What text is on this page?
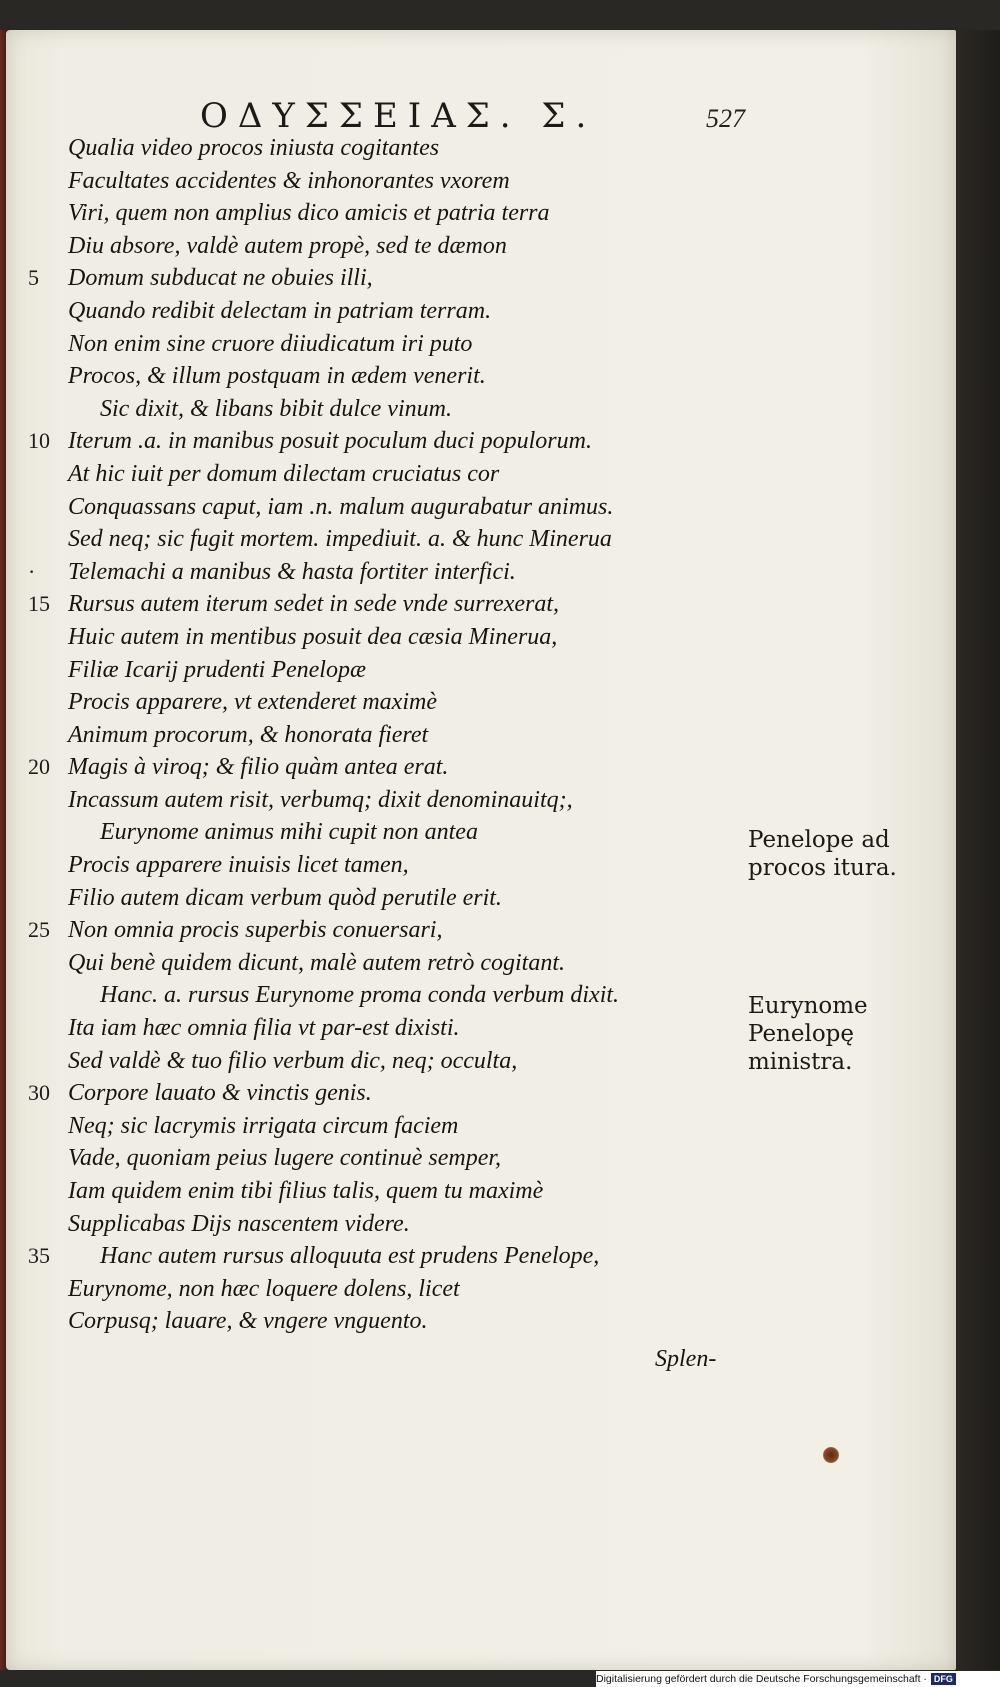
ΟΔΥΣΣΕΙΑΣ. Σ.	527
Qualia video procos iniusta cogitantes
Facultates accidentes & inhonorantes vxorem
Viri, quem non amplius dico amicis et patria terra
Diu absore, valdè autem propè, sed te dæmon
5	Domum subducat ne obuies illi,
Quando redibit delectam in patriam terram.
Non enim sine cruore diiudicatum iri puto
Procos, & illum postquam in ædem venerit.
Sic dixit, & libans bibit dulce vinum.
10 Iterum .a. in manibus posuit poculum duci populorum.
At hic iuit per domum dilectam cruciatus cor
Conquassans caput, iam .n. malum augurabatur animus.
Sed neq; sic fugit mortem. impediuit. a. & hunc Minerua
·	Telemachi a manibus & hasta fortiter interfici.
15 Rursus autem iterum sedet in sede vnde surrexerat,
Huic autem in mentibus posuit dea cæsia Minerua,
Filiæ Icarij prudenti Penelopæ
Procis apparere, vt extenderet maximè
Animum procorum, & honorata fieret
20 Magis à viroq; & filio quàm antea erat.
Incassum autem risit, verbumq; dixit denominauitq;,
Eurynome animus mihi cupit non antea
Procis apparere inuisis licet tamen,
Filio autem dicam verbum quòd perutile erit.
25 Non omnia procis superbis conuersari,
Qui benè quidem dicunt, malè autem retrò cogitant.
Hanc. a. rursus Eurynome proma conda verbum dixit.
Ita iam hæc omnia filia vt par-est dixisti.
Sed valdè & tuo filio verbum dic, neq; occulta,
30 Corpore lauato & vinctis genis.
Neq; sic lacrymis irrigata circum faciem
Vade, quoniam peius lugere continuè semper,
Iam quidem enim tibi filius talis, quem tu maximè
Supplicabas Dijs nascentem videre.
35	Hanc autem rursus alloquuta est prudens Penelope,
Eurynome, non hæc loquere dolens, licet
Corpusq; lauare, & vngere vnguento.
Penelope ad procos itura.
Eurynome Penelopę ministra.
Splen-
Digitalisierung gefördert durch die Deutsche Forschungsgemeinschaft · DFG
